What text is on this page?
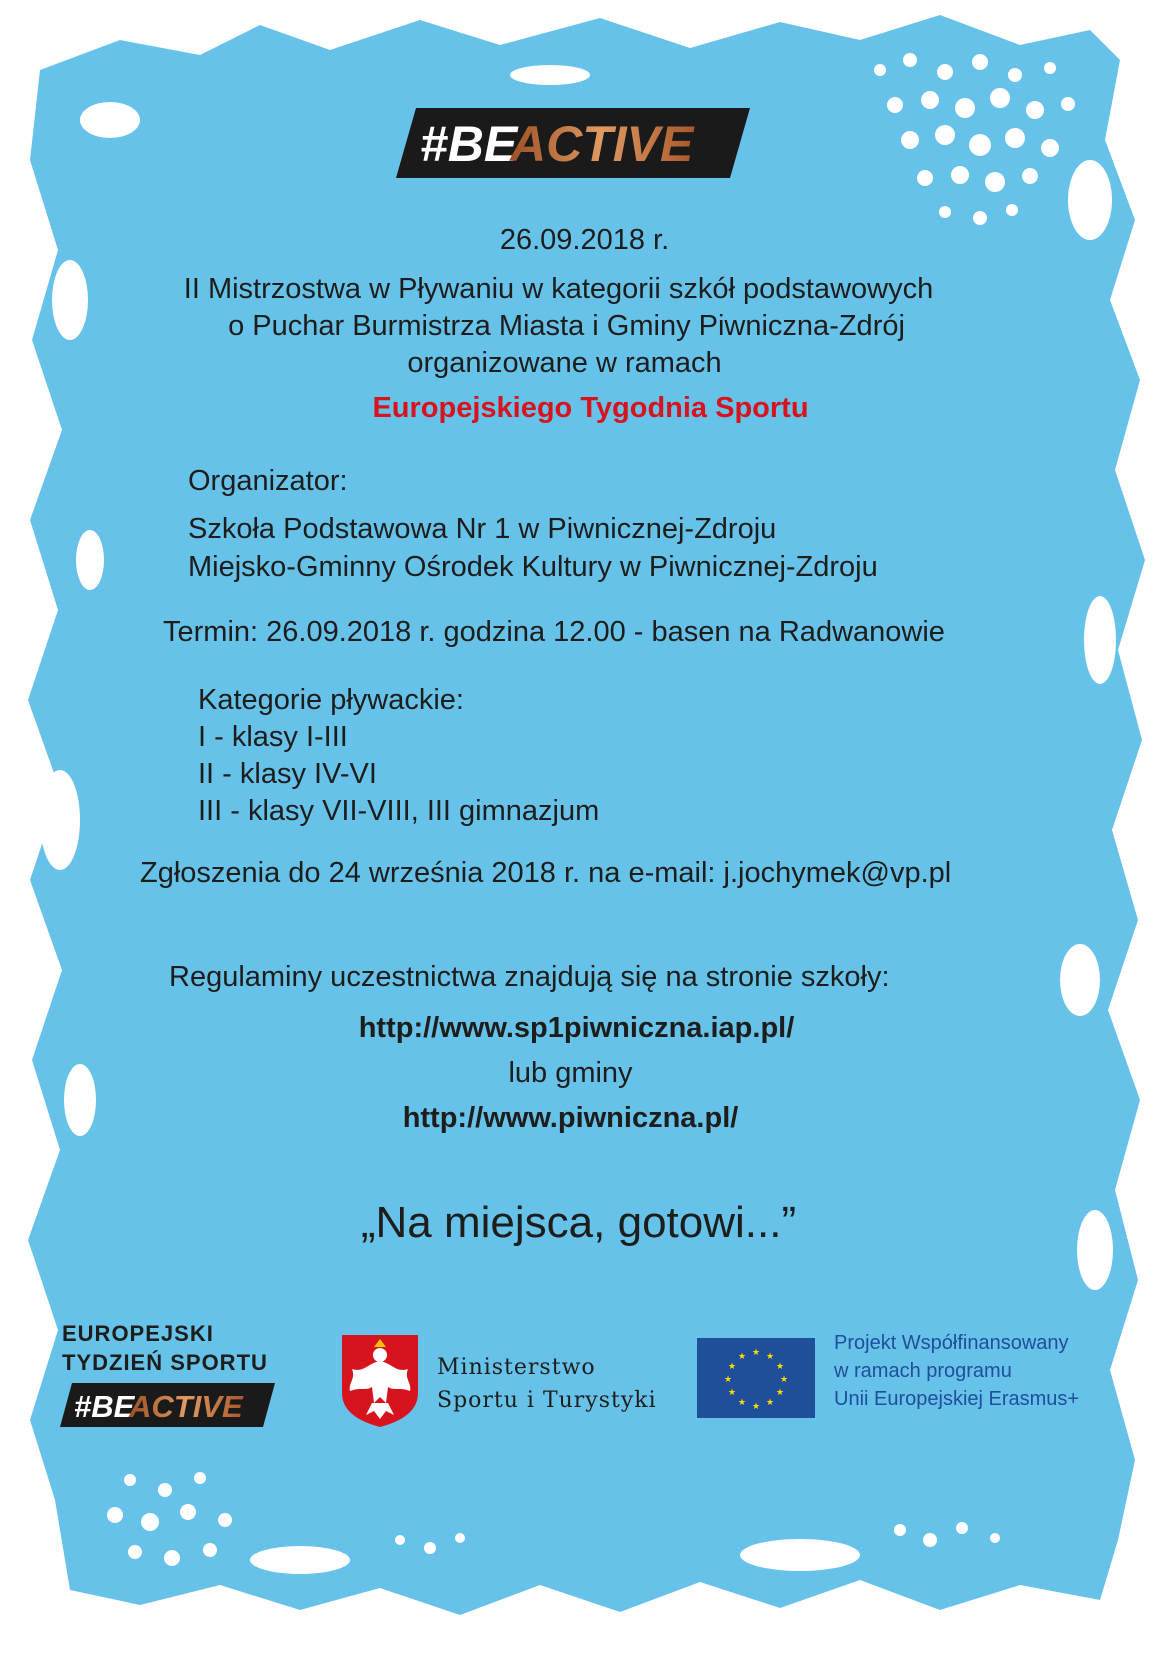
#BE
ACTIVE

26.09.2018 r.

II Mistrzostwa w Pływaniu w kategorii szkół podstawowych

o Puchar Burmistrza Miasta i Gminy Piwniczna-Zdrój

organizowane w ramach

Europejskiego Tygodnia Sportu

Organizator:

Szkoła Podstawowa Nr 1 w Piwnicznej-Zdroju

Miejsko-Gminny Ośrodek Kultury w Piwnicznej-Zdroju

Termin: 26.09.2018 r. godzina 12.00 - basen na Radwanowie

Kategorie pływackie:

I - klasy I-III

II - klasy IV-VI

III - klasy VII-VIII, III gimnazjum

Zgłoszenia do 24 września 2018 r. na e-mail: j.jochymek@vp.pl

Regulaminy uczestnictwa znajdują się na stronie szkoły:

http://www.sp1piwniczna.iap.pl/

lub gminy

http://www.piwniczna.pl/

„Na miejsca, gotowi...”

EUROPEJSKI
TYDZIEŃ SPORTU
#BE
ACTIVE
Ministerstwo
Sportu i Turystyki
★ ★
★
★
★
★
★
★
★
★
★
★
Projekt Współfinansowany
w ramach programu
Unii Europejskiej Erasmus+
